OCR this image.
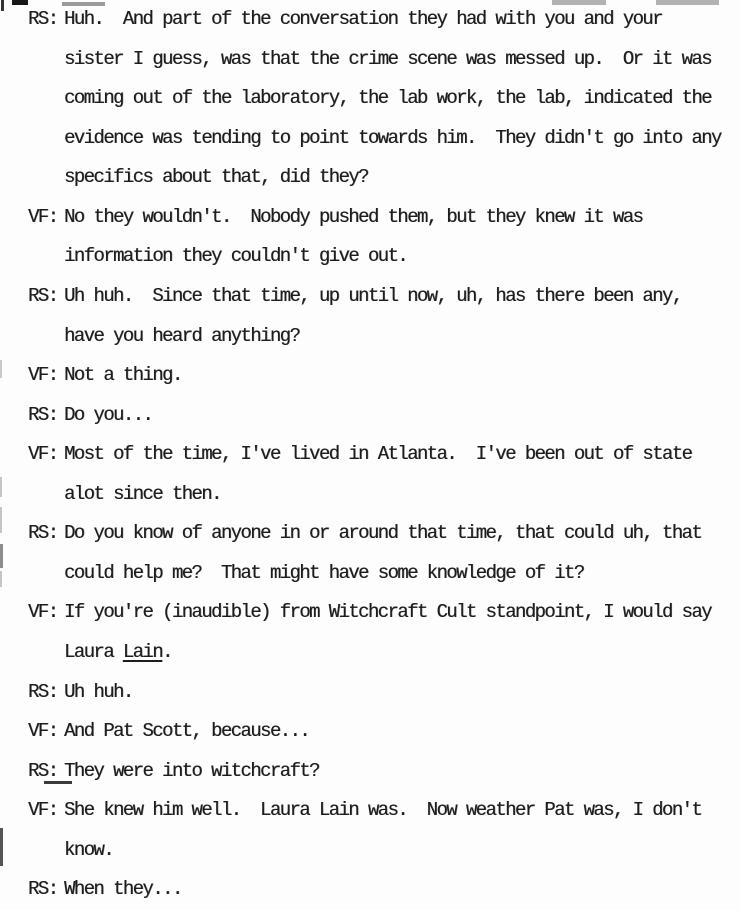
RS: Huh.  And part of the conversation they had with you and your
sister I guess, was that the crime scene was messed up.  Or it was
coming out of the laboratory, the lab work, the lab, indicated the
evidence was tending to point towards him.  They didn't go into any
specifics about that, did they?
VF: No they wouldn't.  Nobody pushed them, but they knew it was
information they couldn't give out.
RS: Uh huh.  Since that time, up until now, uh, has there been any,
have you heard anything?
VF: Not a thing.
RS: Do you...
VF: Most of the time, I've lived in Atlanta.  I've been out of state
alot since then.
RS: Do you know of anyone in or around that time, that could uh, that
could help me?  That might have some knowledge of it?
VF: If you're (inaudible) from Witchcraft Cult standpoint, I would say
Laura Lain.
RS: Uh huh.
VF: And Pat Scott, because...
RS: They were into witchcraft?
VF: She knew him well.  Laura Lain was.  Now weather Pat was, I don't
know.
RS: When they...
